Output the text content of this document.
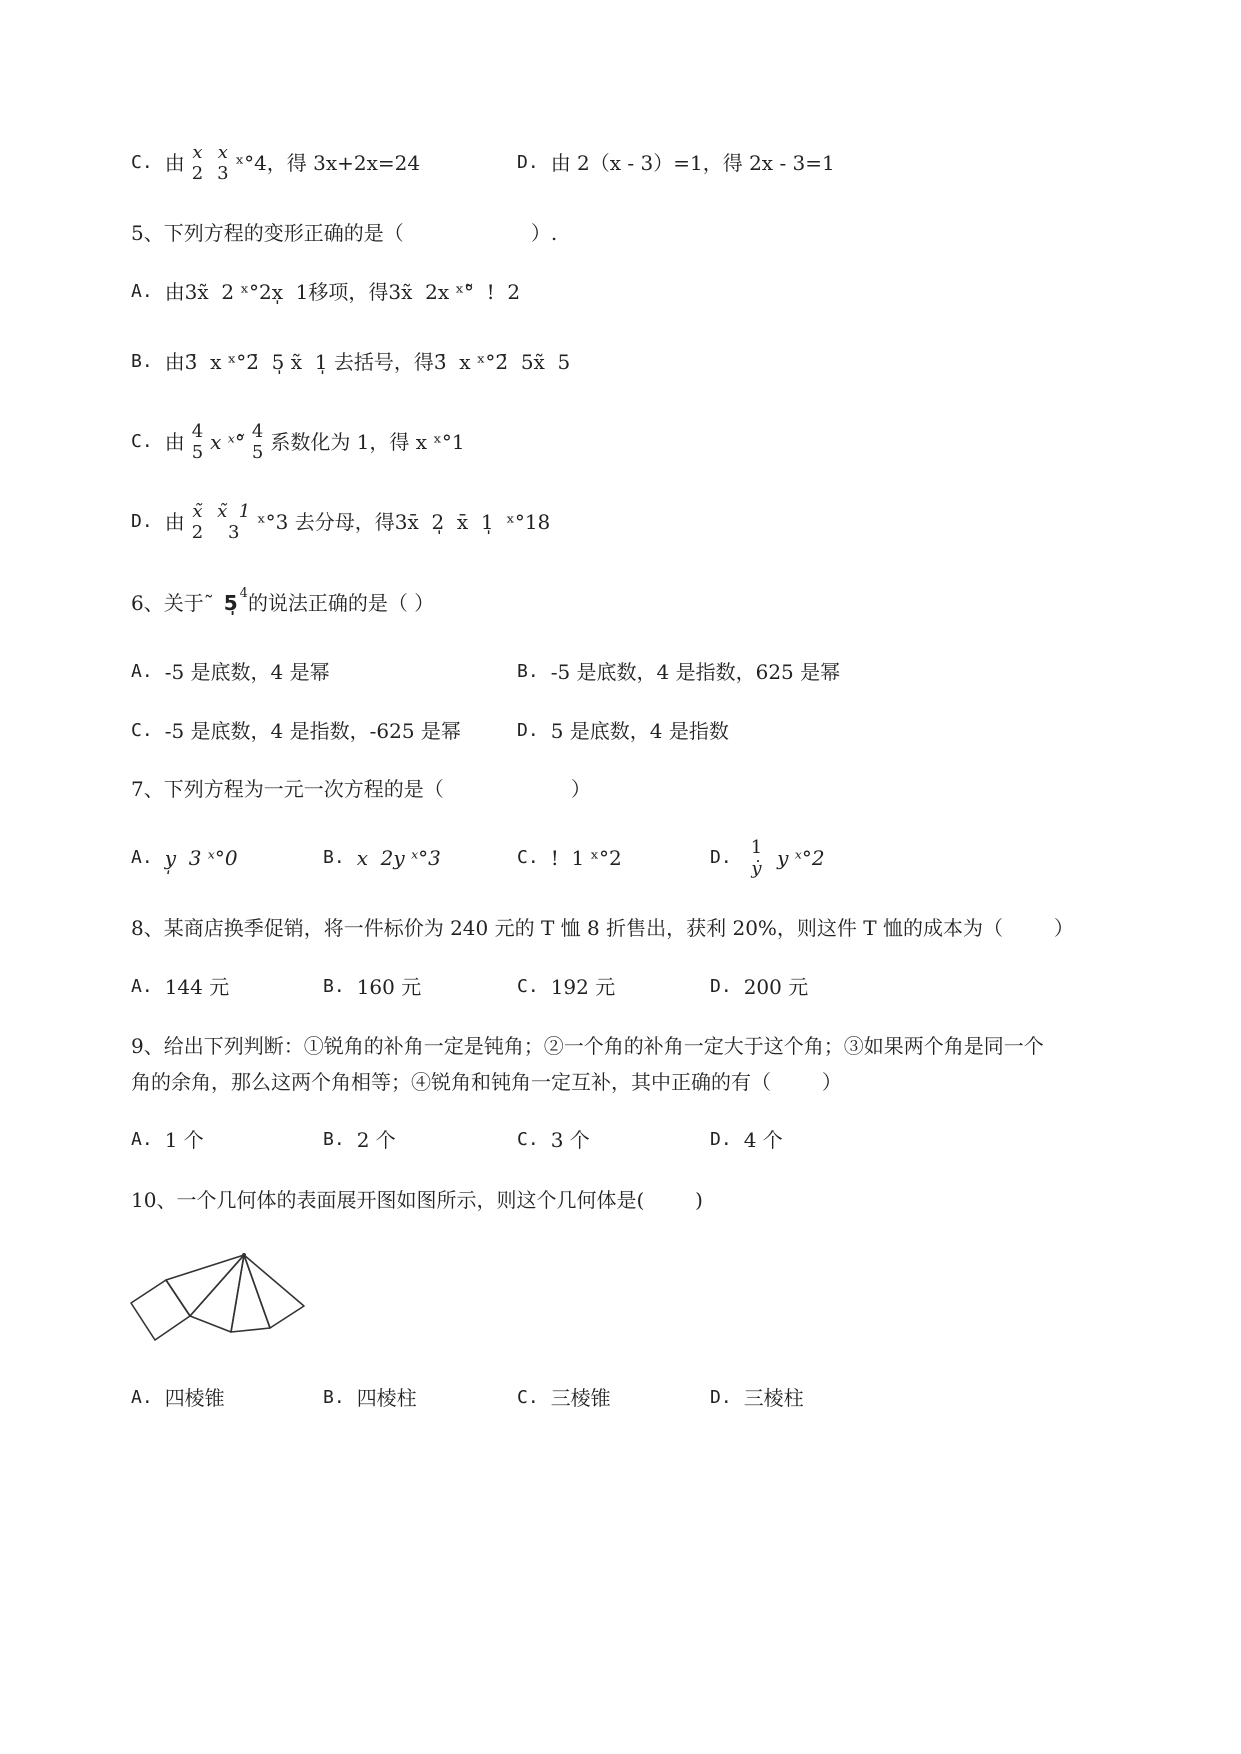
C. 由 x
2
x
3 ˣ°4，得 3x+2x=24	D. 由 2（x - 3）=1，得 2x - 3=1
5、下列方程的变形正确的是（                    ）.
A. 由3x̃  2 ˣ°2x̩  1移项，得3x̃  2x ˣ°̃  !  2
B. 由3̄  x ˣ°2̄  5̩ x̃  1̩ 去括号，得3̄  x ˣ°2̄  5x̃  5
C. 由 4
5 x ˣ°̃ 4
5 系数化为 1，得 x ˣ°1
D. 由 x̃
2
x̃  1
3 ˣ°3 去分母，得3x̄  2̩  x̄  1̩  ˣ°18
6、关于 ˜ 5̩ 4 的说法正确的是（ ）
A. -5 是底数，4 是幂	B. -5 是底数，4 是指数，625 是幂
C. -5 是底数，4 是指数，-625 是幂	D. 5 是底数，4 是指数
7、下列方程为一元一次方程的是（                    ）
A. y̩  3 ˣ°0	B. x  2y ˣ°3	C. !  1 ˣ°2	D. 1
ẏ y ˣ°2
8、某商店换季促销，将一件标价为 240 元的 T 恤 8 折售出，获利 20%，则这件 T 恤的成本为（        ）
A. 144 元	B. 160 元	C. 192 元	D. 200 元
9、给出下列判断：①锐角的补角一定是钝角；②一个角的补角一定大于这个角；③如果两个角是同一个
角的余角，那么这两个角相等；④锐角和钝角一定互补，其中正确的有（        ）
A. 1 个	B. 2 个	C. 3 个	D. 4 个
10、一个几何体的表面展开图如图所示，则这个几何体是(        )
A. 四棱锥	B. 四棱柱	C. 三棱锥	D. 三棱柱
